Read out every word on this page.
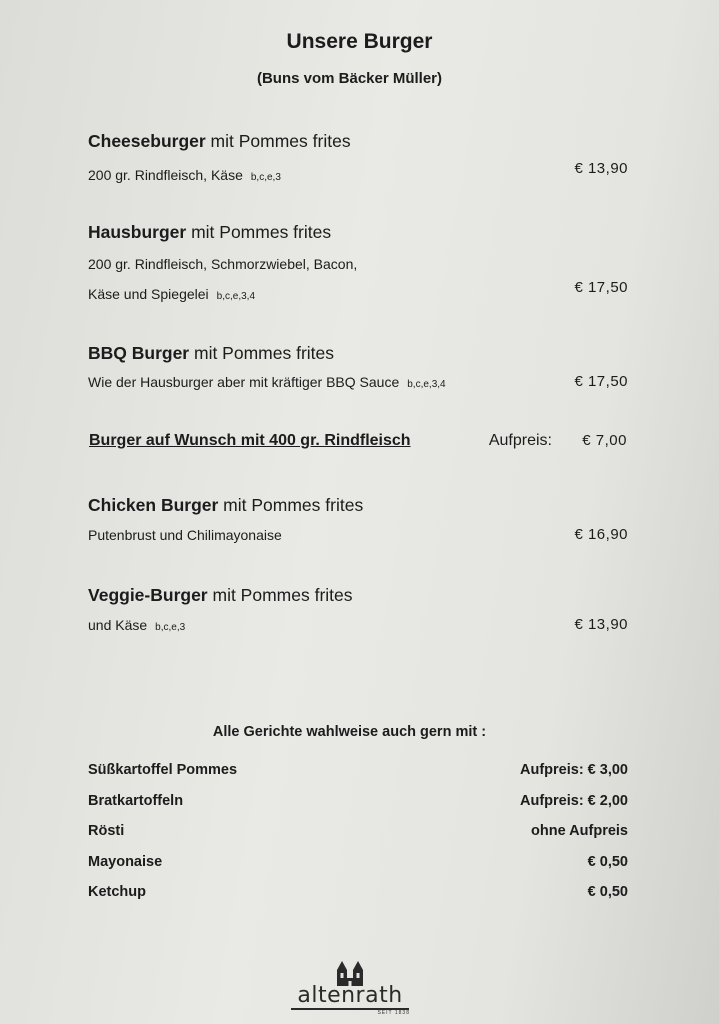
Unsere Burger
(Buns vom Bäcker Müller)
Cheeseburger mit Pommes frites
200 gr. Rindfleisch, Käse b,c,e,3
€ 13,90
Hausburger mit Pommes frites
200 gr. Rindfleisch, Schmorzwiebel, Bacon,
Käse und Spiegelei b,c,e,3,4
€ 17,50
BBQ Burger mit Pommes frites
Wie der Hausburger aber mit kräftiger BBQ Sauce b,c,e,3,4	€ 17,50
Burger auf Wunsch mit 400 gr. Rindfleisch	Aufpreis: € 7,00
Chicken Burger mit Pommes frites
Putenbrust und Chilimayonaise	€ 16,90
Veggie-Burger mit Pommes frites
und Käse b,c,e,3	€ 13,90
Alle Gerichte wahlweise auch gern mit :
Süßkartoffel Pommes	Aufpreis: € 3,00
Bratkartoffeln	Aufpreis: € 2,00
Rösti	ohne Aufpreis
Mayonaise	€ 0,50
Ketchup	€ 0,50
altenrath
SEIT 1838
